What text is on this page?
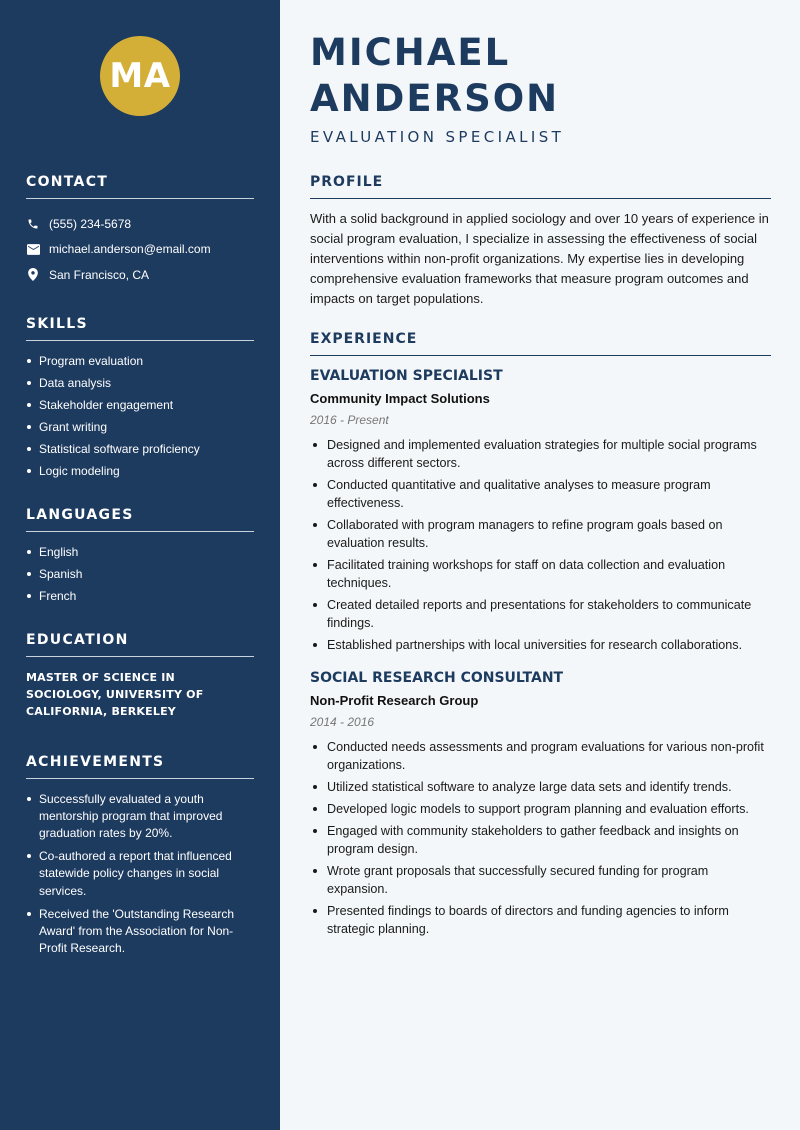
MA
CONTACT
(555) 234-5678
michael.anderson@email.com
San Francisco, CA
SKILLS
Program evaluation
Data analysis
Stakeholder engagement
Grant writing
Statistical software proficiency
Logic modeling
LANGUAGES
English
Spanish
French
EDUCATION

MASTER OF SCIENCE IN SOCIOLOGY, UNIVERSITY OF CALIFORNIA, BERKELEY

ACHIEVEMENTS
Successfully evaluated a youth mentorship program that improved graduation rates by 20%.
Co-authored a report that influenced statewide policy changes in social services.
Received the 'Outstanding Research Award' from the Association for Non-Profit Research.
MICHAEL ANDERSON
EVALUATION SPECIALIST
PROFILE

With a solid background in applied sociology and over 10 years of experience in social program evaluation, I specialize in assessing the effectiveness of social interventions within non-profit organizations. My expertise lies in developing comprehensive evaluation frameworks that measure program outcomes and impacts on target populations.

EXPERIENCE
EVALUATION SPECIALIST
Community Impact Solutions
2016 - Present
Designed and implemented evaluation strategies for multiple social programs across different sectors.
Conducted quantitative and qualitative analyses to measure program effectiveness.
Collaborated with program managers to refine program goals based on evaluation results.
Facilitated training workshops for staff on data collection and evaluation techniques.
Created detailed reports and presentations for stakeholders to communicate findings.
Established partnerships with local universities for research collaborations.
SOCIAL RESEARCH CONSULTANT
Non-Profit Research Group
2014 - 2016
Conducted needs assessments and program evaluations for various non-profit organizations.
Utilized statistical software to analyze large data sets and identify trends.
Developed logic models to support program planning and evaluation efforts.
Engaged with community stakeholders to gather feedback and insights on program design.
Wrote grant proposals that successfully secured funding for program expansion.
Presented findings to boards of directors and funding agencies to inform strategic planning.
